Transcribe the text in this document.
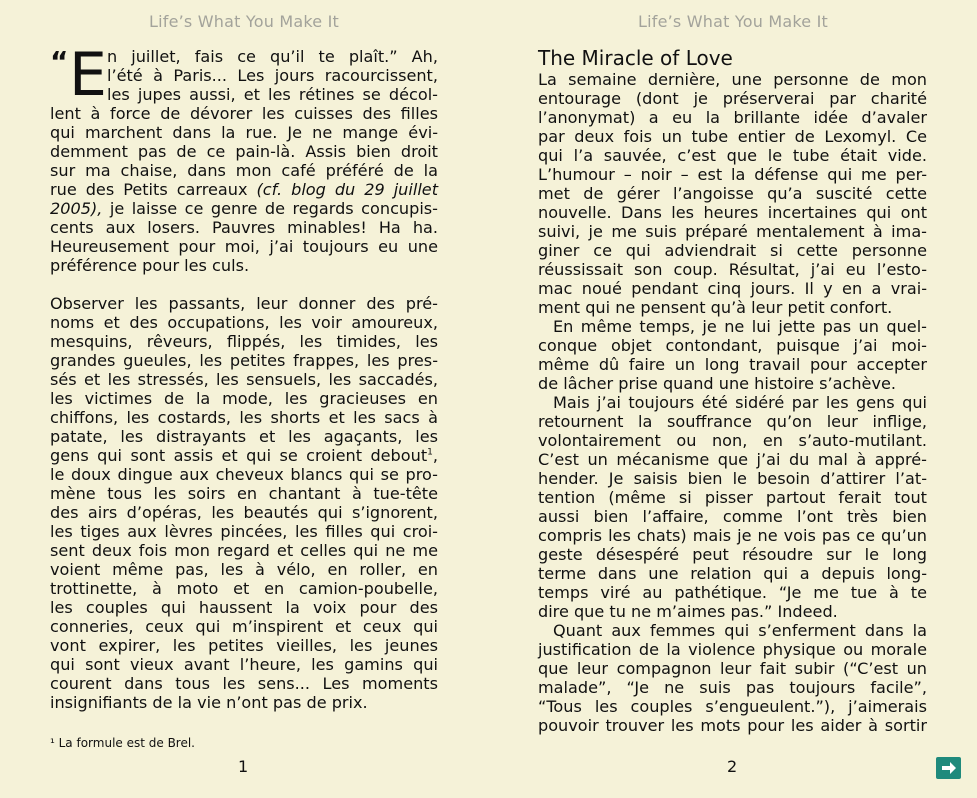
Life’s What You Make It
“ E n juillet, fais ce qu’il te plaît.” Ah,
l’été à Paris... Les jours racourcissent,
les jupes aussi, et les rétines se décol-
lent à force de dévorer les cuisses des filles
qui marchent dans la rue. Je ne mange évi-
demment pas de ce pain-là. Assis bien droit
sur ma chaise, dans mon café préféré de la
rue des Petits carreaux (cf. blog du 29 juillet
2005), je laisse ce genre de regards concupis-
cents aux losers. Pauvres minables! Ha ha.
Heureusement pour moi, j’ai toujours eu une
préférence pour les culs.
Observer les passants, leur donner des pré-
noms et des occupations, les voir amoureux,
mesquins, rêveurs, flippés, les timides, les
grandes gueules, les petites frappes, les pres-
sés et les stressés, les sensuels, les saccadés,
les victimes de la mode, les gracieuses en
chiffons, les costards, les shorts et les sacs à
patate, les distrayants et les agaçants, les
gens qui sont assis et qui se croient debout$^1$,
le doux dingue aux cheveux blancs qui se pro-
mène tous les soirs en chantant à tue-tête
des airs d’opéras, les beautés qui s’ignorent,
les tiges aux lèvres pincées, les filles qui croi-
sent deux fois mon regard et celles qui ne me
voient même pas, les à vélo, en roller, en
trottinette, à moto et en camion-poubelle,
les couples qui haussent la voix pour des
conneries, ceux qui m’inspirent et ceux qui
vont expirer, les petites vieilles, les jeunes
qui sont vieux avant l’heure, les gamins qui
courent dans tous les sens... Les moments
insignifiants de la vie n’ont pas de prix.
¹ La formule est de Brel.
1
Life’s What You Make It
The Miracle of Love
La semaine dernière, une personne de mon
entourage (dont je préserverai par charité
l’anonymat) a eu la brillante idée d’avaler
par deux fois un tube entier de Lexomyl. Ce
qui l’a sauvée, c’est que le tube était vide.
L’humour – noir – est la défense qui me per-
met de gérer l’angoisse qu’a suscité cette
nouvelle. Dans les heures incertaines qui ont
suivi, je me suis préparé mentalement à ima-
giner ce qui adviendrait si cette personne
réussissait son coup. Résultat, j’ai eu l’esto-
mac noué pendant cinq jours. Il y en a vrai-
ment qui ne pensent qu’à leur petit confort.
En même temps, je ne lui jette pas un quel-
conque objet contondant, puisque j’ai moi-
même dû faire un long travail pour accepter
de lâcher prise quand une histoire s’achève.
Mais j’ai toujours été sidéré par les gens qui
retournent la souffrance qu’on leur inflige,
volontairement ou non, en s’auto-mutilant.
C’est un mécanisme que j’ai du mal à appré-
hender. Je saisis bien le besoin d’attirer l’at-
tention (même si pisser partout ferait tout
aussi bien l’affaire, comme l’ont très bien
compris les chats) mais je ne vois pas ce qu’un
geste désespéré peut résoudre sur le long
terme dans une relation qui a depuis long-
temps viré au pathétique. “Je me tue à te
dire que tu ne m’aimes pas.” Indeed.
Quant aux femmes qui s’enferment dans la
justification de la violence physique ou morale
que leur compagnon leur fait subir (“C’est un
malade”, “Je ne suis pas toujours facile”,
“Tous les couples s’engueulent.”), j’aimerais
pouvoir trouver les mots pour les aider à sortir
2
